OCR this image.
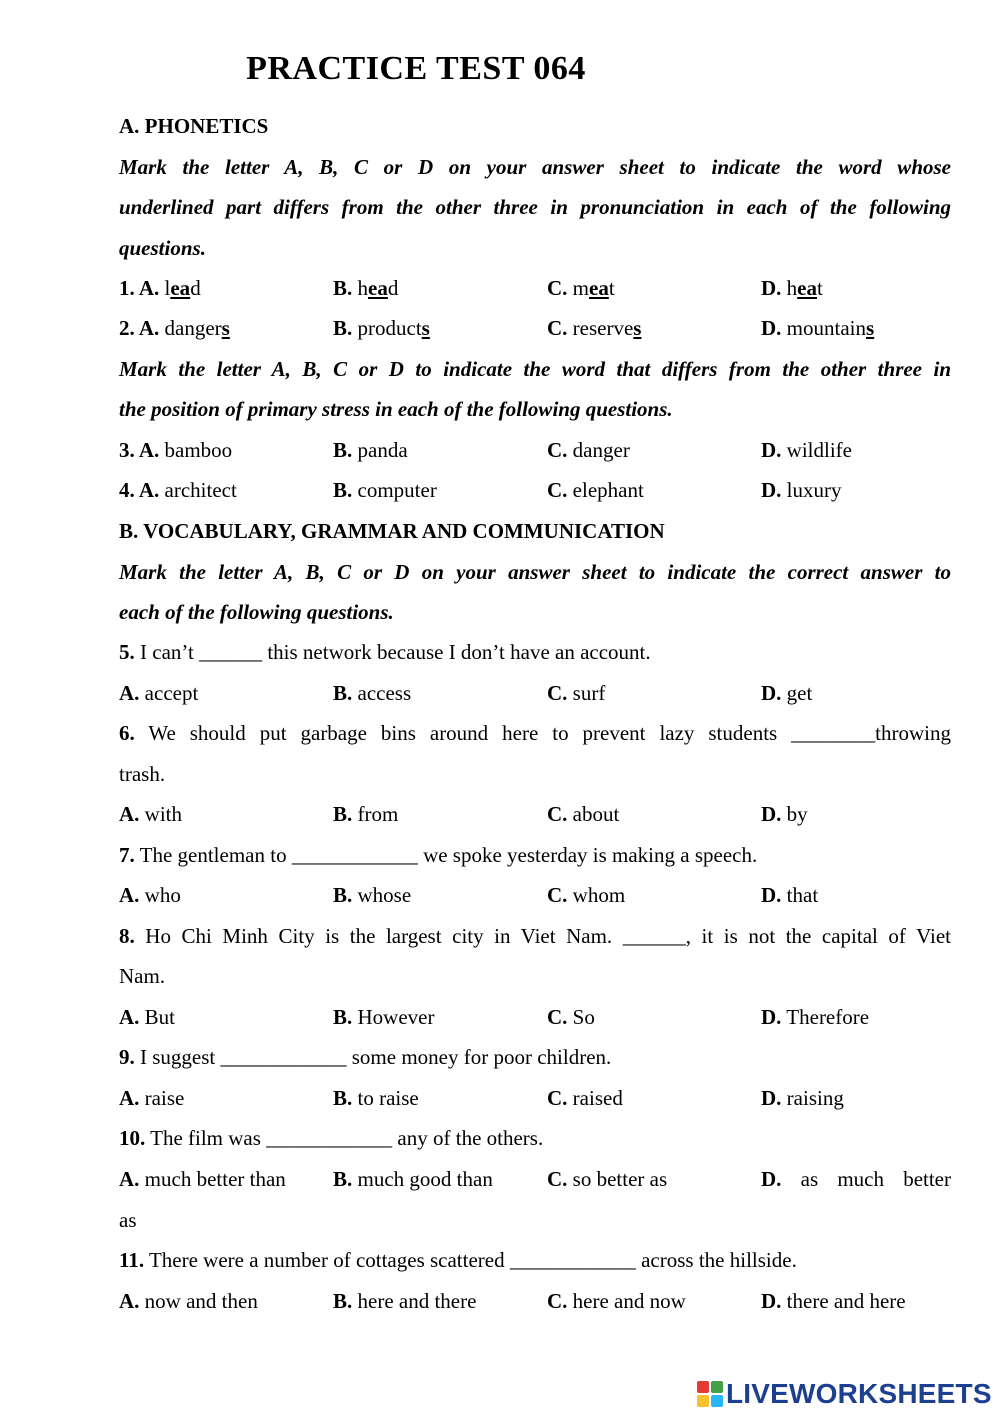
PRACTICE TEST 064
A. PHONETICS
Mark the letter A, B, C or D on your answer sheet to indicate the word whose
underlined part differs from the other three in pronunciation in each of the following
questions.
1. A. lead	B. head	C. meat	D. heat
2. A. dangers	B. products	C. reserves	D. mountains
Mark the letter A, B, C or D to indicate the word that differs from the other three in
the position of primary stress in each of the following questions.
3. A. bamboo	B. panda	C. danger	D. wildlife
4. A. architect	B. computer	C. elephant	D. luxury
B. VOCABULARY, GRAMMAR AND COMMUNICATION
Mark the letter A, B, C or D on your answer sheet to indicate the correct answer to
each of the following questions.
5. I can’t ______ this network because I don’t have an account.
A. accept	B. access	C. surf	D. get
6. We should put garbage bins around here to prevent lazy students ________throwing
trash.
A. with	B. from	C. about	D. by
7. The gentleman to ____________ we spoke yesterday is making a speech.
A. who	B. whose	C. whom	D. that
8. Ho Chi Minh City is the largest city in Viet Nam. ______, it is not the capital of Viet
Nam.
A. But	B. However	C. So	D. Therefore
9. I suggest ____________ some money for poor children.
A. raise	B. to raise	C. raised	D. raising
10. The film was ____________ any of the others.
A. much better than B. much good than	C. so better as	D. as much better
as
11. There were a number of cottages scattered ____________ across the hillside.
A. now and then	B. here and there	C. here and now	D. there and here
LIVEWORKSHEETS
